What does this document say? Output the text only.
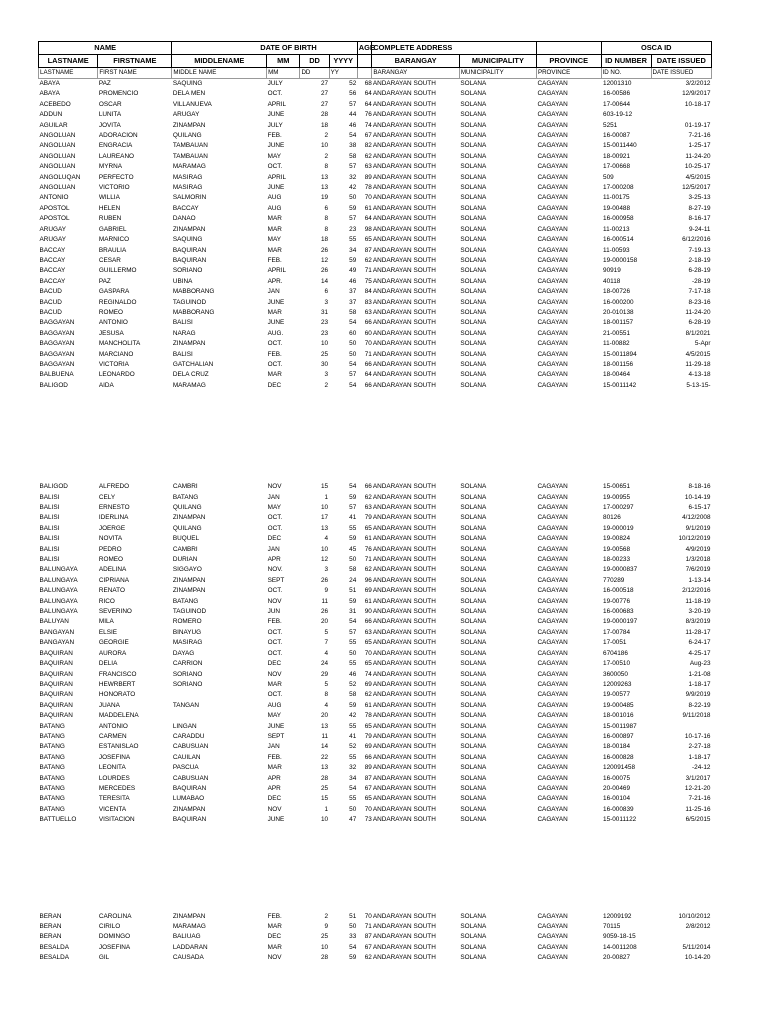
NAME		DATE OF BIRTH				AGE	COMPLETE ADDRESS			OSCA ID	
LASTNAME	FIRSTNAME	MIDDLENAME	MM	DD	YYYY		BARANGAY	MUNICIPALITY	PROVINCE	ID NUMBER	DATE ISSUED
LASTNAME	FIRST NAME	MIDDLE NAME	MM	DD	YY		BARANGAY	MUNICIPALITY	PROVINCE	ID NO.	DATE ISSUED
ABAYA	PAZ	SAQUING	JULY	27	52	68	ANDARAYAN SOUTH	SOLANA	CAGAYAN	12001310	3/2/2012
ABAYA	PROMENCIO	DELA MEN	OCT.	27	56	64	ANDARAYAN SOUTH	SOLANA	CAGAYAN	16-00586	12/9/2017
ACEBEDO	OSCAR	VILLANUEVA	APRIL	27	57	64	ANDARAYAN SOUTH	SOLANA	CAGAYAN	17-00644	10-18-17
ADDUN	LUNITA	ARUGAY	JUNE	28	44	76	ANDARAYAN SOUTH	SOLANA	CAGAYAN	603-19-12	
AGUILAR	JOVITA	ZINAMPAN	JULY	18	46	74	ANDARAYAN SOUTH	SOLANA	CAGAYAN	5251	01-19-17
ANGOLUAN	ADORACION	QUILANG	FEB.	2	54	67	ANDARAYAN SOUTH	SOLANA	CAGAYAN	16-00087	7-21-16
ANGOLUAN	ENGRACIA	TAMBAUAN	JUNE	10	38	82	ANDARAYAN SOUTH	SOLANA	CAGAYAN	15-0011440	1-25-17
ANGOLUAN	LAUREANO	TAMBAUAN	MAY	2	58	62	ANDARAYAN SOUTH	SOLANA	CAGAYAN	18-00921	11-24-20
ANGOLUAN	MYRNA	MARAMAG	OCT.	8	57	63	ANDARAYAN SOUTH	SOLANA	CAGAYAN	17-00668	10-25-17
ANGOLUQAN	PERFECTO	MASIRAG	APRIL	13	32	89	ANDARAYAN SOUTH	SOLANA	CAGAYAN	509	4/5/2015
ANGOLUAN	VICTORIO	MASIRAG	JUNE	13	42	78	ANDARAYAN SOUTH	SOLANA	CAGAYAN	17-000208	12/5/2017
ANTONIO	WILLIA	SALMORIN	AUG	19	50	70	ANDARAYAN SOUTH	SOLANA	CAGAYAN	11-00175	3-25-13
APOSTOL	HELEN	BACCAY	AUG	6	59	61	ANDARAYAN SOUTH	SOLANA	CAGAYAN	19-00488	8-27-19
APOSTOL	RUBEN	DANAO	MAR	8	57	64	ANDARAYAN SOUTH	SOLANA	CAGAYAN	16-000958	8-16-17
ARUGAY	GABRIEL	ZINAMPAN	MAR	8	23	98	ANDARAYAN SOUTH	SOLANA	CAGAYAN	11-00213	9-24-11
ARUGAY	MARNICO	SAQUING	MAY	18	55	65	ANDARAYAN SOUTH	SOLANA	CAGAYAN	16-000514	6/12/2016
BACCAY	BRAULIA	BAQUIRAN	MAR	26	34	87	ANDARAYAN SOUTH	SOLANA	CAGAYAN	11-00593	7-19-13
BACCAY	CESAR	BAQUIRAN	FEB.	12	59	62	ANDARAYAN SOUTH	SOLANA	CAGAYAN	19-0000158	2-18-19
BACCAY	GUILLERMO	SORIANO	APRIL	26	49	71	ANDARAYAN SOUTH	SOLANA	CAGAYAN	90919	6-28-19
BACCAY	PAZ	UBINA	APR.	14	46	75	ANDARAYAN SOUTH	SOLANA	CAGAYAN	40118	-28-19
BACUD	GASPARA	MABBORANG	JAN	6	37	84	ANDARAYAN SOUTH	SOLANA	CAGAYAN	18-00726	7-17-18
BACUD	REGINALDO	TAGUINOD	JUNE	3	37	83	ANDARAYAN SOUTH	SOLANA	CAGAYAN	16-000200	8-23-16
BACUD	ROMEO	MABBORANG	MAR	31	58	63	ANDARAYAN SOUTH	SOLANA	CAGAYAN	20-010138	11-24-20
BAGGAYAN	ANTONIO	BALISI	JUNE	23	54	66	ANDARAYAN SOUTH	SOLANA	CAGAYAN	18-001157	6-28-19
BAGGAYAN	JESUSA	NARAG	AUG.	23	60	60	ANDARAYAN SOUTH	SOLANA	CAGAYAN	21-00551	8/1/2021
BAGGAYAN	MANCHOLITA	ZINAMPAN	OCT.	10	50	70	ANDARAYAN SOUTH	SOLANA	CAGAYAN	11-00882	5-Apr
BAGGAYAN	MARCIANO	BALISI	FEB.	25	50	71	ANDARAYAN SOUTH	SOLANA	CAGAYAN	15-0011894	4/5/2015
BAGGAYAN	VICTORIA	GATCHALIAN	OCT.	30	54	66	ANDARAYAN SOUTH	SOLANA	CAGAYAN	18-001156	11-29-18
BALBUENA	LEONARDO	DELA CRUZ	MAR	3	57	64	ANDARAYAN SOUTH	SOLANA	CAGAYAN	18-00464	4-13-18
BALIGOD	AIDA	MARAMAG	DEC	2	54	66	ANDARAYAN SOUTH	SOLANA	CAGAYAN	15-0011142	5-13-15-

BALIGOD	ALFREDO	CAMBRI	NOV	15	54	66	ANDARAYAN SOUTH	SOLANA	CAGAYAN	15-00651	8-18-16
BALISI	CELY	BATANG	JAN	1	59	62	ANDARAYAN SOUTH	SOLANA	CAGAYAN	19-00955	10-14-19
BALISI	ERNESTO	QUILANG	MAY	10	57	63	ANDARAYAN SOUTH	SOLANA	CAGAYAN	17-000297	6-15-17
BALISI	IDERLINA	ZINAMPAN	OCT.	17	41	79	ANDARAYAN SOUTH	SOLANA	CAGAYAN	80126	4/12/2008
BALISI	JOERGE	QUILANG	OCT.	13	55	65	ANDARAYAN SOUTH	SOLANA	CAGAYAN	19-000019	9/1/2019
BALISI	NOVITA	BUQUEL	DEC	4	59	61	ANDARAYAN SOUTH	SOLANA	CAGAYAN	19-00824	10/12/2019
BALISI	PEDRO	CAMBRI	JAN	10	45	76	ANDARAYAN SOUTH	SOLANA	CAGAYAN	19-00568	4/9/2019
BALISI	ROMEO	DURIAN	APR	12	50	71	ANDARAYAN SOUTH	SOLANA	CAGAYAN	18-00233	1/3/2018
BALUNGAYA	ADELINA	SIGGAYO	NOV.	3	58	62	ANDARAYAN SOUTH	SOLANA	CAGAYAN	19-0000837	7/6/2019
BALUNGAYA	CIPRIANA	ZINAMPAN	SEPT	26	24	96	ANDARAYAN SOUTH	SOLANA	CAGAYAN	770289	1-13-14
BALUNGAYA	RENATO	ZINAMPAN	OCT.	9	51	69	ANDARAYAN SOUTH	SOLANA	CAGAYAN	16-000518	2/12/2016
BALUNGAYA	RICO	BATANG	NOV	11	59	61	ANDARAYAN SOUTH	SOLANA	CAGAYAN	19-00776	11-18-19
BALUNGAYA	SEVERINO	TAGUINOD	JUN	26	31	90	ANDARAYAN SOUTH	SOLANA	CAGAYAN	16-000683	3-20-19
BALUYAN	MILA	ROMERO	FEB.	20	54	66	ANDARAYAN SOUTH	SOLANA	CAGAYAN	19-0000197	8/3/2019
BANGAYAN	ELSIE	BINAYUG	OCT.	5	57	63	ANDARAYAN SOUTH	SOLANA	CAGAYAN	17-00784	11-28-17
BANGAYAN	GEORGIE	MASIRAG	OCT.	7	55	65	ANDARAYAN SOUTH	SOLANA	CAGAYAN	17-0051	6-24-17
BAQUIRAN	AURORA	DAYAG	OCT.	4	50	70	ANDARAYAN SOUTH	SOLANA	CAGAYAN	6704186	4-25-17
BAQUIRAN	DELIA	CARRION	DEC	24	55	65	ANDARAYAN SOUTH	SOLANA	CAGAYAN	17-00510	Aug-23
BAQUIRAN	FRANCISCO	SORIANO	NOV	29	46	74	ANDARAYAN SOUTH	SOLANA	CAGAYAN	3600050	1-21-08
BAQUIRAN	HEWRBERT	SORIANO	MAR	5	52	69	ANDARAYAN SOUTH	SOLANA	CAGAYAN	12009263	1-18-17
BAQUIRAN	HONORATO		OCT.	8	58	62	ANDARAYAN SOUTH	SOLANA	CAGAYAN	19-00577	9/9/2019
BAQUIRAN	JUANA	TANGAN	AUG	4	59	61	ANDARAYAN SOUTH	SOLANA	CAGAYAN	19-000485	8-22-19
BAQUIRAN	MADDELENA		MAY	20	42	78	ANDARAYAN SOUTH	SOLANA	CAGAYAN	18-001016	9/11/2018
BATANG	ANTONIO	LINGAN	JUNE	13	55	65	ANDARAYAN SOUTH	SOLANA	CAGAYAN	15-0011987	
BATANG	CARMEN	CARADDU	SEPT	11	41	79	ANDARAYAN SOUTH	SOLANA	CAGAYAN	16-000897	10-17-16
BATANG	ESTANISLAO	CABUSUAN	JAN	14	52	69	ANDARAYAN SOUTH	SOLANA	CAGAYAN	18-00184	2-27-18
BATANG	JOSEFINA	CAUILAN	FEB.	22	55	66	ANDARAYAN SOUTH	SOLANA	CAGAYAN	16-000828	1-18-17
BATANG	LEONITA	PASCUA	MAR	13	32	89	ANDARAYAN SOUTH	SOLANA	CAGAYAN	120091458	-24-12
BATANG	LOURDES	CABUSUAN	APR	28	34	87	ANDARAYAN SOUTH	SOLANA	CAGAYAN	16-00075	3/1/2017
BATANG	MERCEDES	BAQUIRAN	APR	25	54	67	ANDARAYAN SOUTH	SOLANA	CAGAYAN	20-00469	12-21-20
BATANG	TERESITA	LUMABAO	DEC	15	55	65	ANDARAYAN SOUTH	SOLANA	CAGAYAN	16-00104	7-21-16
BATANG	VICENTA	ZINAMPAN	NOV	1	50	70	ANDARAYAN SOUTH	SOLANA	CAGAYAN	16-000839	11-25-16
BATTUELLO	VISITACION	BAQUIRAN	JUNE	10	47	73	ANDARAYAN SOUTH	SOLANA	CAGAYAN	15-0011122	6/5/2015

BERAN	CAROLINA	ZINAMPAN	FEB.	2	51	70	ANDARAYAN SOUTH	SOLANA	CAGAYAN	12009192	10/10/2012
BERAN	CIRILO	MARAMAG	MAR	9	50	71	ANDARAYAN SOUTH	SOLANA	CAGAYAN	70115	2/8/2012
BERAN	DOMINGO	BALIUAG	DEC	25	33	87	ANDARAYAN SOUTH	SOLANA	CAGAYAN	9059-18-15	
BESALDA	JOSEFINA	LADDARAN	MAR	10	54	67	ANDARAYAN SOUTH	SOLANA	CAGAYAN	14-0011208	5/11/2014
BESALDA	GIL	CAUSADA	NOV	28	59	62	ANDARAYAN SOUTH	SOLANA	CAGAYAN	20-00827	10-14-20
